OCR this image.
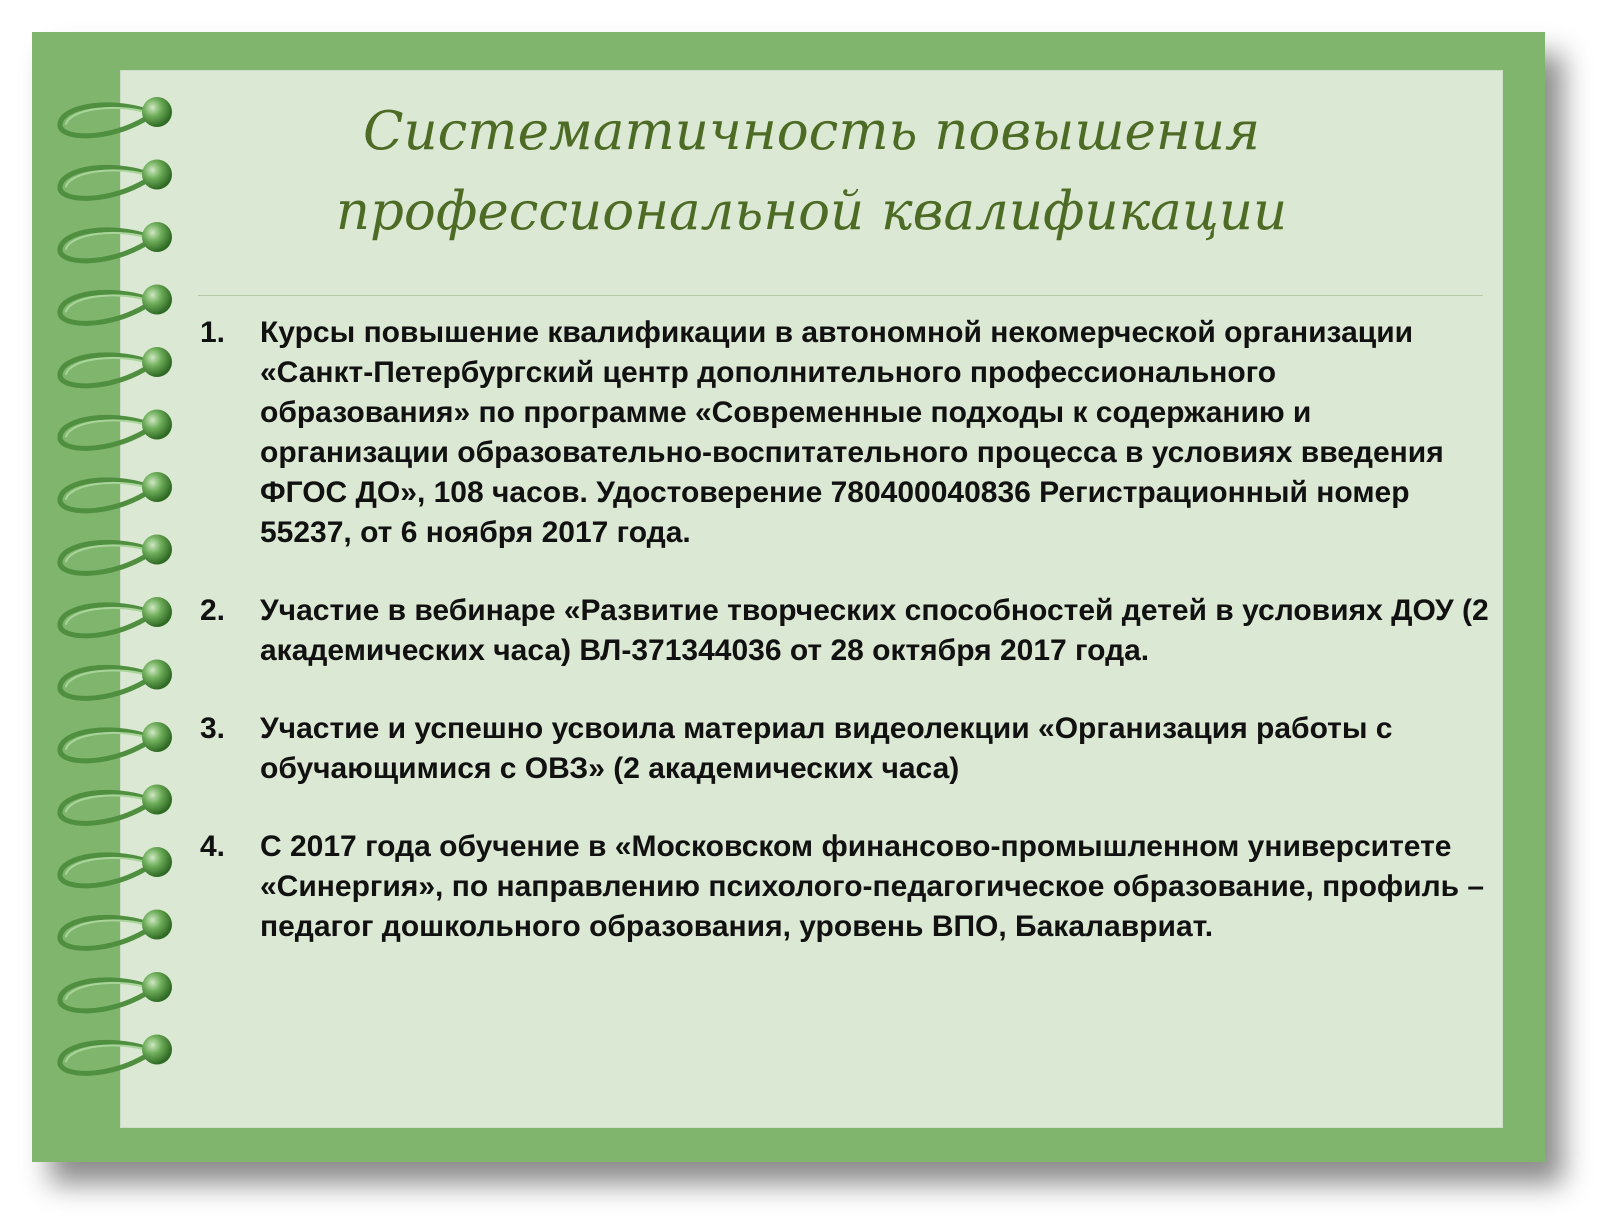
Систематичность повышения
профессиональной квалификации
1. Курсы повышение квалификации в автономной некомерческой организации «Санкт-Петербургский центр дополнительного профессионального образования» по программе «Современные подходы к содержанию и организации образовательно-воспитательного процесса в условиях введения ФГОС ДО», 108 часов. Удостоверение 780400040836 Регистрационный номер 55237, от 6 ноября 2017 года.
2. Участие в вебинаре «Развитие творческих способностей детей в условиях ДОУ (2 академических часа) ВЛ-371344036 от 28 октября 2017 года.
3. Участие и успешно усвоила материал видеолекции «Организация работы с обучающимися с ОВЗ» (2 академических часа)
4. С 2017 года обучение в «Московском финансово-промышленном университете «Синергия», по направлению психолого-педагогическое образование, профиль – педагог дошкольного образования, уровень ВПО, Бакалавриат.
